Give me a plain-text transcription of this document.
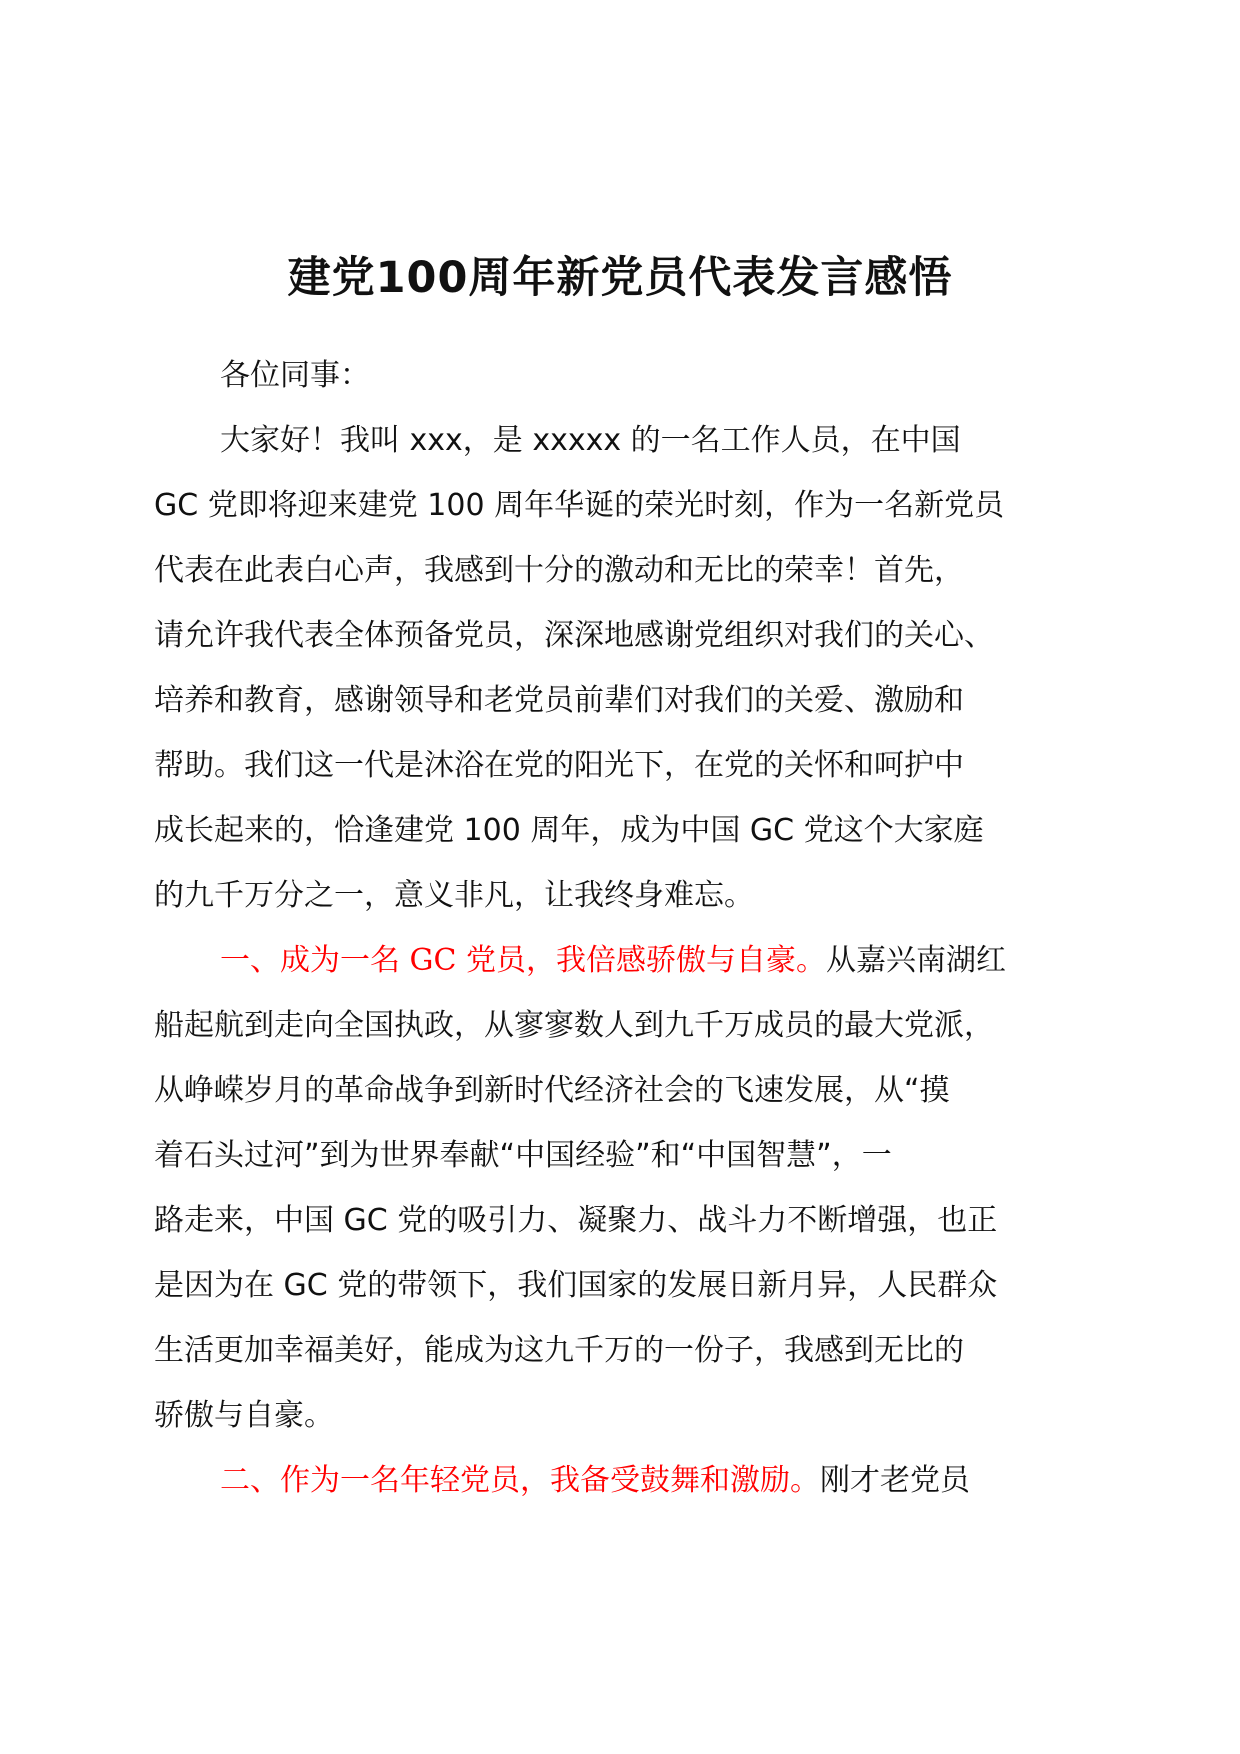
建党100周年新党员代表发言感悟

各位同事：

大家好！我叫 xxx，是 xxxxx 的一名工作人员，在中国
GC 党即将迎来建党 100 周年华诞的荣光时刻，作为一名新党员
代表在此表白心声，我感到十分的激动和无比的荣幸！首先，
请允许我代表全体预备党员，深深地感谢党组织对我们的关心、
培养和教育，感谢领导和老党员前辈们对我们的关爱、激励和
帮助。我们这一代是沐浴在党的阳光下，在党的关怀和呵护中
成长起来的，恰逢建党 100 周年，成为中国 GC 党这个大家庭
的九千万分之一，意义非凡，让我终身难忘。

一、成为一名 GC 党员，我倍感骄傲与自豪。从嘉兴南湖红
船起航到走向全国执政，从寥寥数人到九千万成员的最大党派，
从峥嵘岁月的革命战争到新时代经济社会的飞速发展，从“摸
着石头过河”到为世界奉献“中国经验”和“中国智慧”，一
路走来，中国 GC 党的吸引力、凝聚力、战斗力不断增强，也正
是因为在 GC 党的带领下，我们国家的发展日新月异，人民群众
生活更加幸福美好，能成为这九千万的一份子，我感到无比的
骄傲与自豪。

二、作为一名年轻党员，我备受鼓舞和激励。刚才老党员
